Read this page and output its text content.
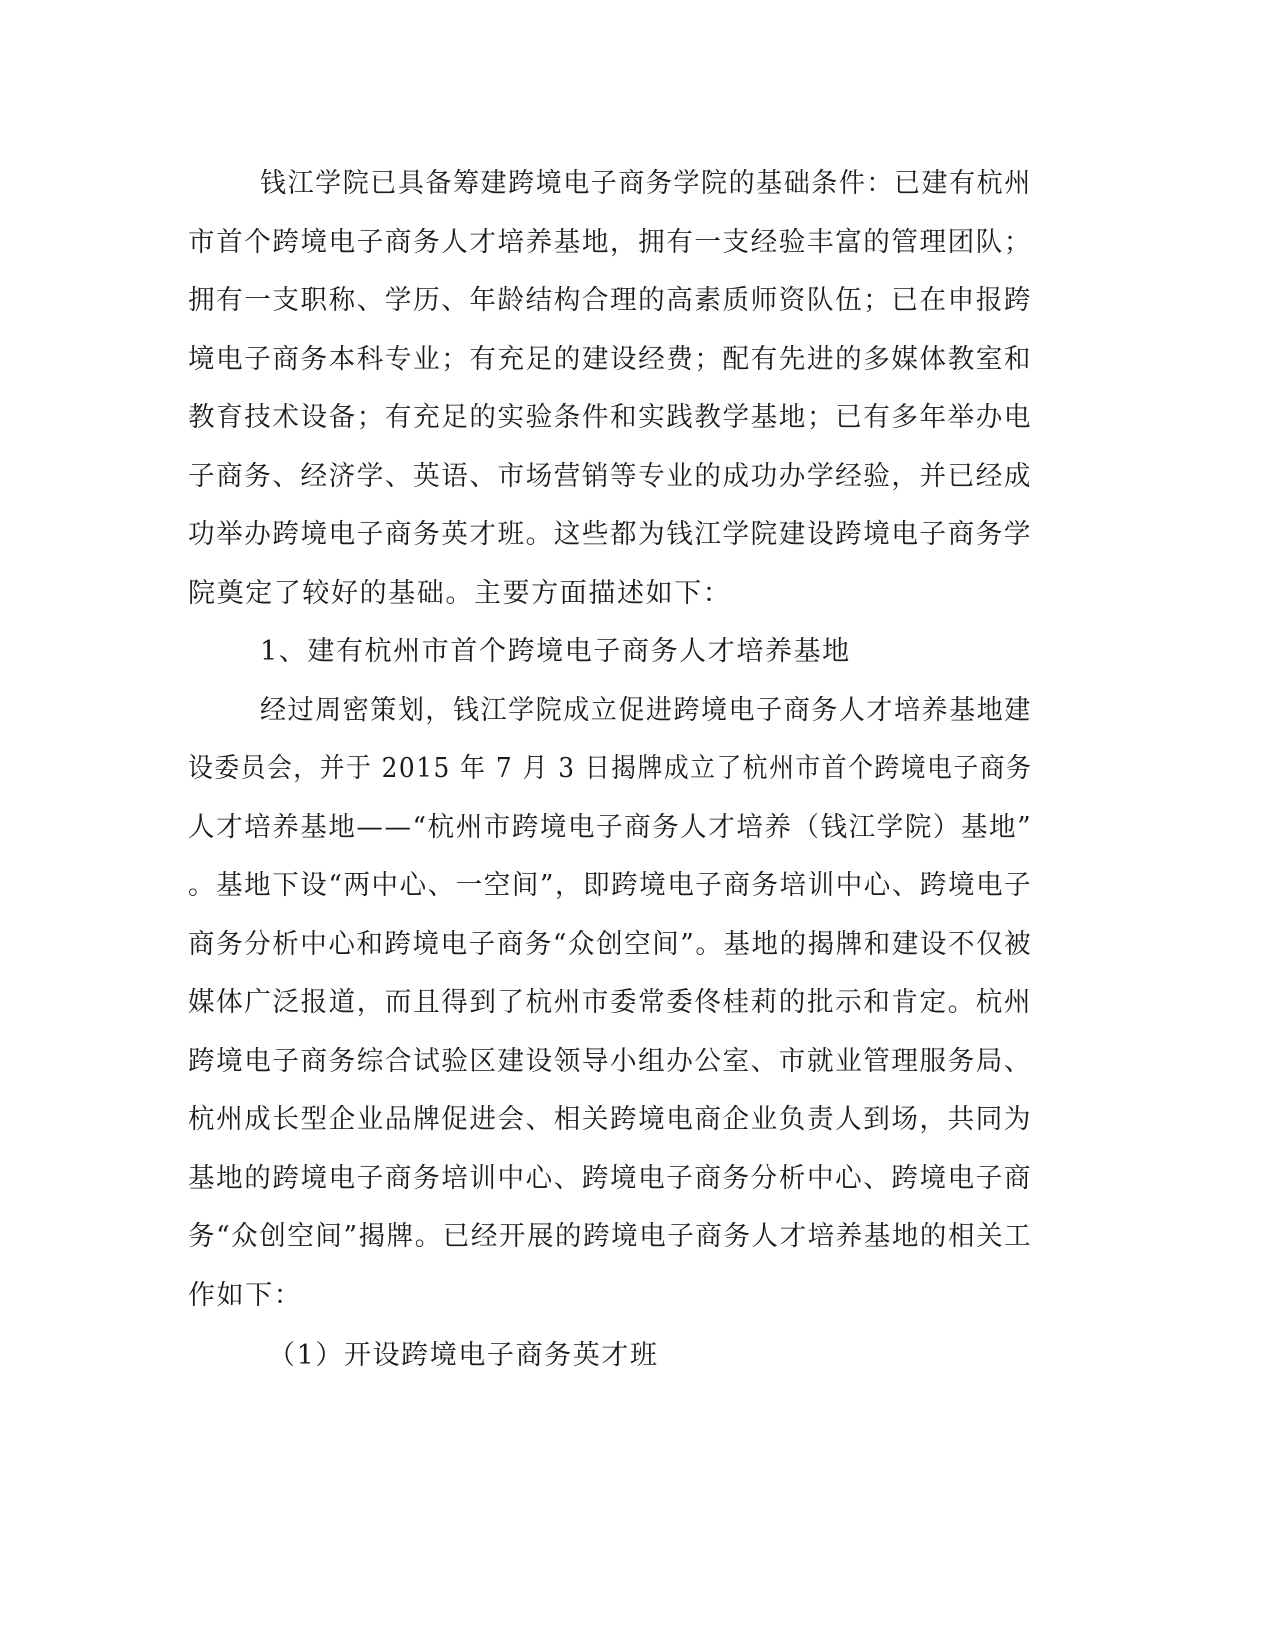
钱江学院已具备筹建跨境电子商务学院的基础条件：已建有杭州
市首个跨境电子商务人才培养基地，拥有一支经验丰富的管理团队；
拥有一支职称、学历、年龄结构合理的高素质师资队伍；已在申报跨
境电子商务本科专业；有充足的建设经费；配有先进的多媒体教室和
教育技术设备；有充足的实验条件和实践教学基地；已有多年举办电
子商务、经济学、英语、市场营销等专业的成功办学经验，并已经成
功举办跨境电子商务英才班。这些都为钱江学院建设跨境电子商务学
院奠定了较好的基础。主要方面描述如下：
1、建有杭州市首个跨境电子商务人才培养基地
经过周密策划，钱江学院成立促进跨境电子商务人才培养基地建
设委员会，并于 2015 年 7 月 3 日揭牌成立了杭州市首个跨境电子商务
人才培养基地——“杭州市跨境电子商务人才培养（钱江学院）基地”
。基地下设“两中心、一空间”，即跨境电子商务培训中心、跨境电子
商务分析中心和跨境电子商务“众创空间”。基地的揭牌和建设不仅被
媒体广泛报道，而且得到了杭州市委常委佟桂莉的批示和肯定。杭州
跨境电子商务综合试验区建设领导小组办公室、市就业管理服务局、
杭州成长型企业品牌促进会、相关跨境电商企业负责人到场，共同为
基地的跨境电子商务培训中心、跨境电子商务分析中心、跨境电子商
务“众创空间”揭牌。已经开展的跨境电子商务人才培养基地的相关工
作如下：
（1）开设跨境电子商务英才班
